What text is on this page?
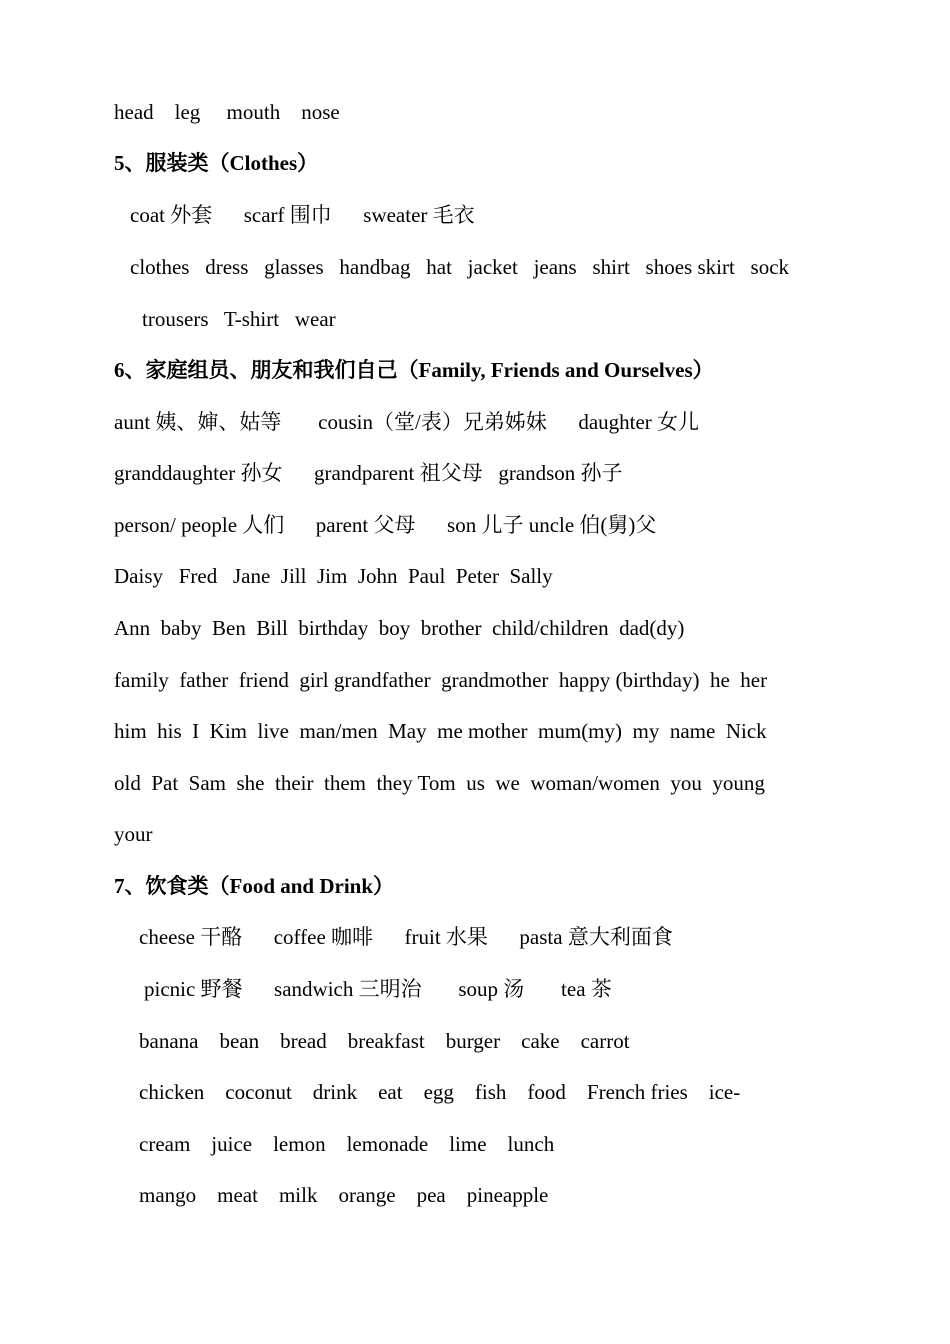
head    leg     mouth    nose
5、服装类（Clothes）
coat 外套      scarf 围巾      sweater 毛衣
clothes   dress   glasses   handbag   hat   jacket   jeans   shirt   shoes skirt   sock
trousers   T-shirt   wear
6、家庭组员、朋友和我们自己（Family, Friends and Ourselves）
aunt 姨、婶、姑等       cousin（堂/表）兄弟姊妹      daughter 女儿
granddaughter 孙女      grandparent 祖父母   grandson 孙子
person/ people 人们      parent 父母      son 儿子 uncle 伯(舅)父
Daisy   Fred   Jane  Jill  Jim  John  Paul  Peter  Sally
Ann  baby  Ben  Bill  birthday  boy  brother  child/children  dad(dy)
family  father  friend  girl grandfather  grandmother  happy (birthday)  he  her
him  his  I  Kim  live  man/men  May  me mother  mum(my)  my  name  Nick
old  Pat  Sam  she  their  them  they Tom  us  we  woman/women  you  young
your
7、饮食类（Food and Drink）
cheese 干酪      coffee 咖啡      fruit 水果      pasta 意大利面食
picnic 野餐      sandwich 三明治       soup 汤       tea 茶
banana    bean    bread    breakfast    burger    cake    carrot
chicken    coconut    drink    eat    egg    fish    food    French fries    ice-
cream    juice    lemon    lemonade    lime    lunch
mango    meat    milk    orange    pea    pineapple
